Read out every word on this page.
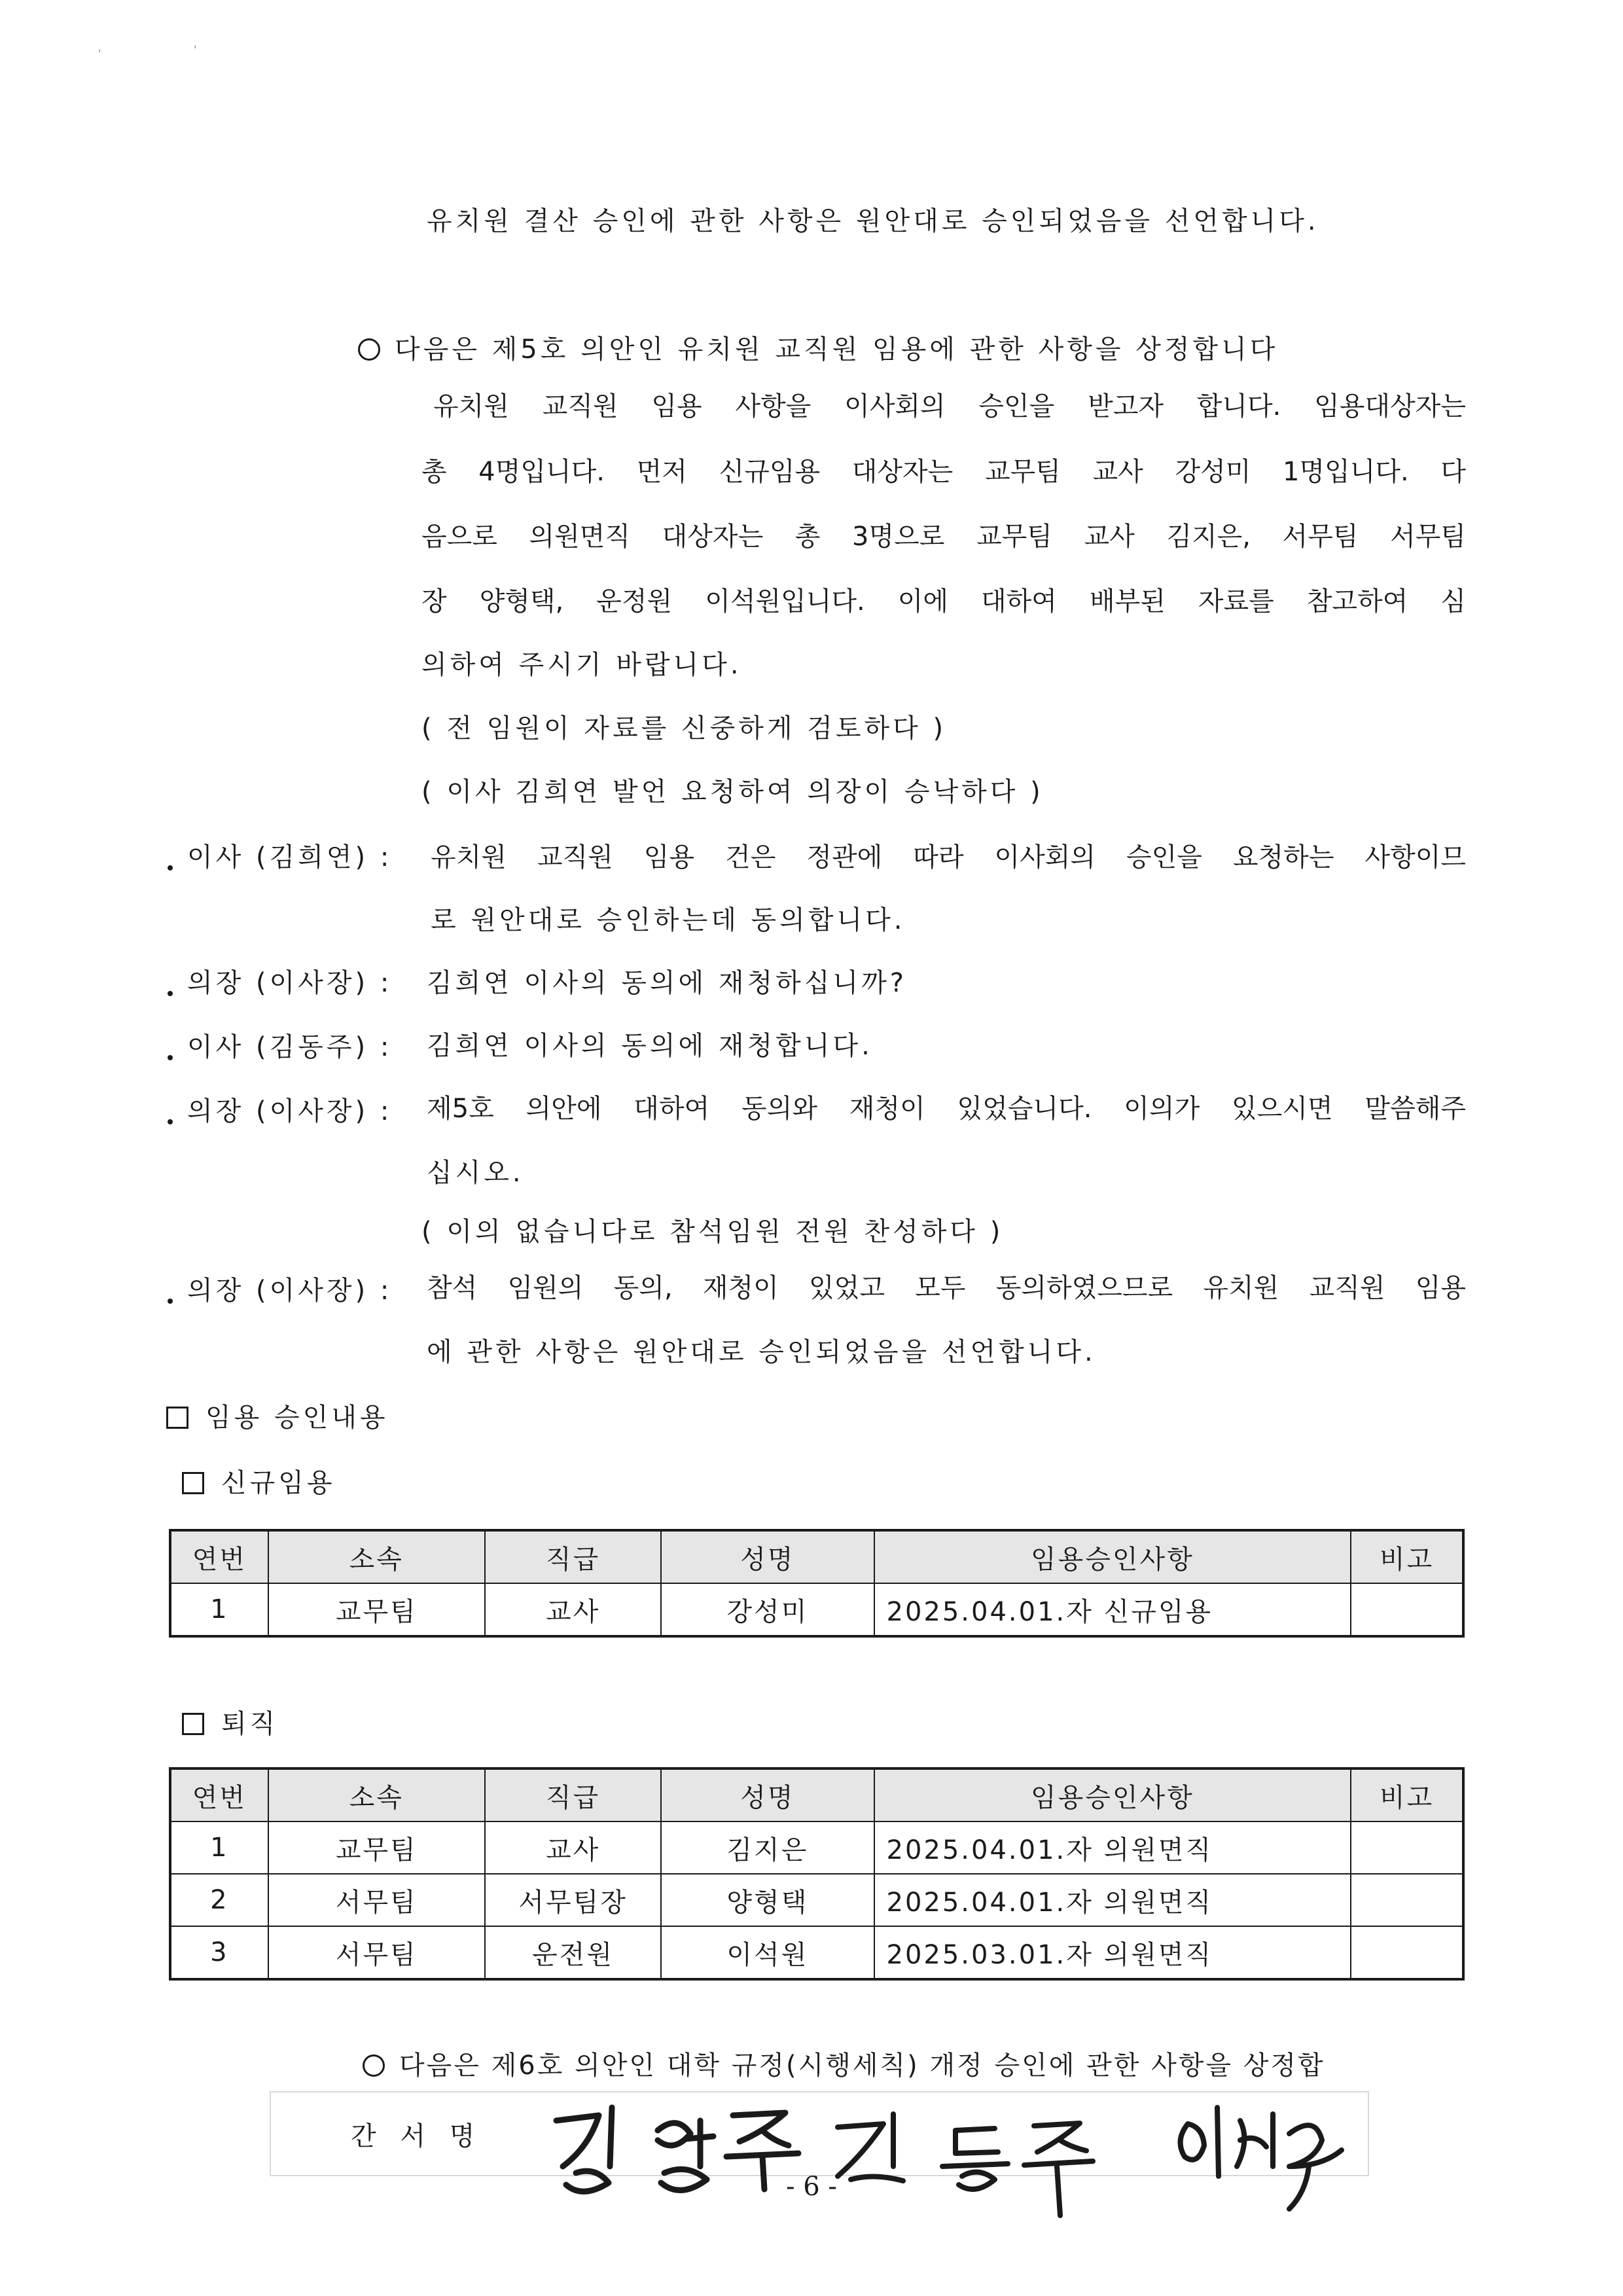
'	'
유치원 결산 승인에 관한 사항은 원안대로 승인되었음을 선언합니다.
다음은 제5호 의안인 유치원 교직원 임용에 관한 사항을 상정합니다
유치원 교직원 임용 사항을 이사회의 승인을 받고자 합니다. 임용대상자는
총 4명입니다. 먼저 신규임용 대상자는 교무팀 교사 강성미 1명입니다. 다
음으로 의원면직 대상자는 총 3명으로 교무팀 교사 김지은, 서무팀 서무팀
장 양형택, 운정원 이석원입니다. 이에 대하여 배부된 자료를 참고하여 심
의하여 주시기 바랍니다.
( 전 임원이 자료를 신중하게 검토하다 )
( 이사 김희연 발언 요청하여 의장이 승낙하다 )
이사 (김희연) : 유치원 교직원 임용 건은 정관에 따라 이사회의 승인을 요청하는 사항이므
로 원안대로 승인하는데 동의합니다.
의장 (이사장) : 김희연 이사의 동의에 재청하십니까?
이사 (김동주) : 김희연 이사의 동의에 재청합니다.
의장 (이사장) : 제5호 의안에 대하여 동의와 재청이 있었습니다. 이의가 있으시면 말씀해주
십시오.
( 이의 없습니다로 참석임원 전원 찬성하다 )
의장 (이사장) : 참석 임원의 동의, 재청이 있었고 모두 동의하였으므로 유치원 교직원 임용
에 관한 사항은 원안대로 승인되었음을 선언합니다.
임용 승인내용
신규임용
연번	소속	직급	성명	임용승인사항	비고
1	교무팀	교사	강성미	2025.04.01.자 신규임용	
퇴직
연번	소속	직급	성명	임용승인사항	비고
1	교무팀	교사	김지은	2025.04.01.자 의원면직	
2	서무팀	서무팀장	양형택	2025.04.01.자 의원면직	
3	서무팀	운전원	이석원	2025.03.01.자 의원면직	
다음은 제6호 의안인 대학 규정(시행세칙) 개정 승인에 관한 사항을 상정합
간 서 명
- 6 -
